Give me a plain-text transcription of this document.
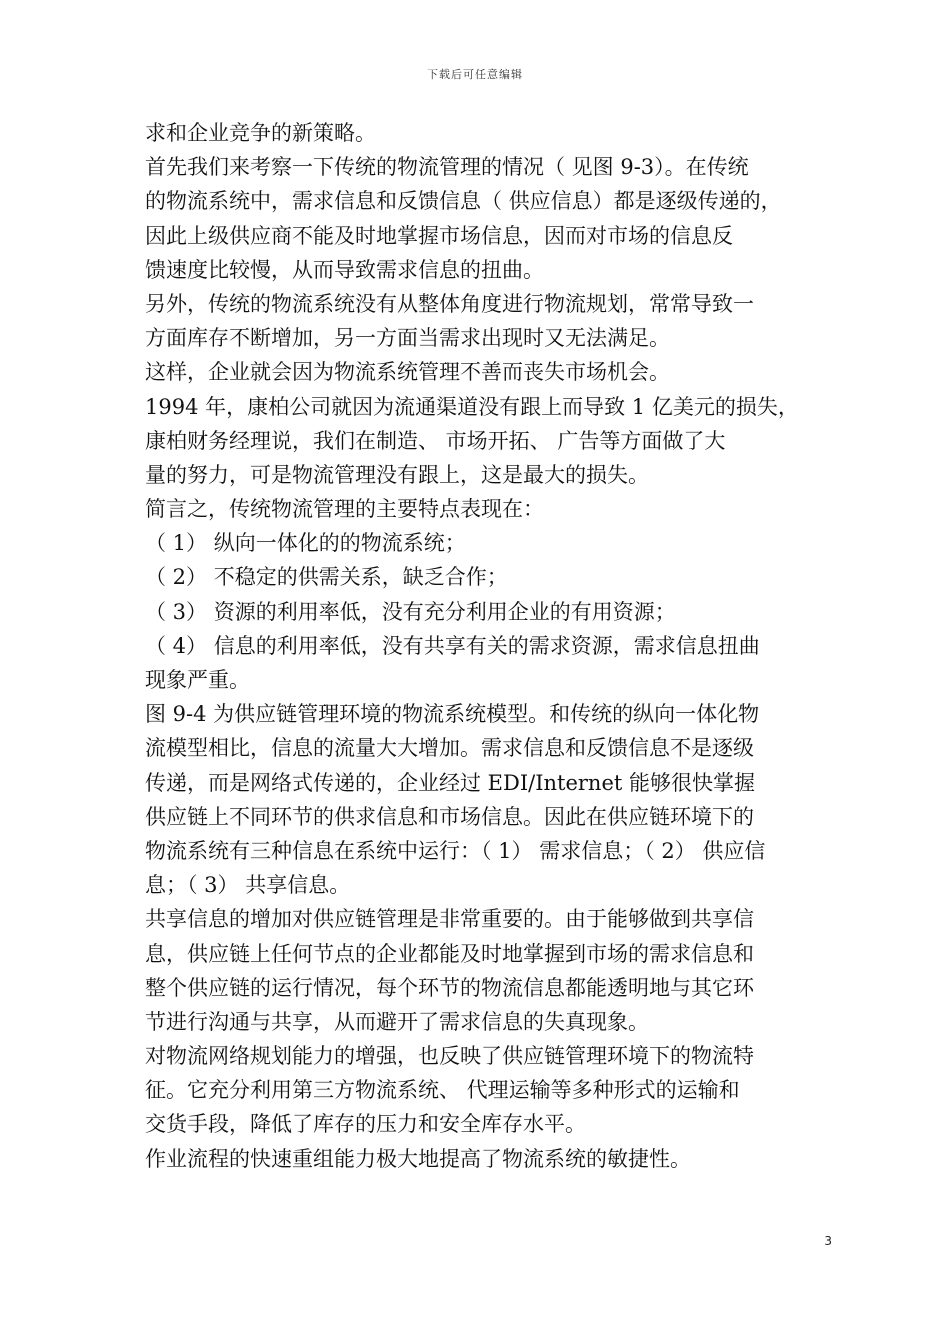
下载后可任意编辑
求和企业竞争的新策略。
首先我们来考察一下传统的物流管理的情况（ 见图 9-3）。在传统
的物流系统中，需求信息和反馈信息（ 供应信息）都是逐级传递的，
因此上级供应商不能及时地掌握市场信息，因而对市场的信息反
馈速度比较慢，从而导致需求信息的扭曲。
另外，传统的物流系统没有从整体角度进行物流规划，常常导致一
方面库存不断增加，另一方面当需求出现时又无法满足。
这样，企业就会因为物流系统管理不善而丧失市场机会。
1994 年，康柏公司就因为流通渠道没有跟上而导致 1 亿美元的损失，
康柏财务经理说，我们在制造、 市场开拓、 广告等方面做了大
量的努力，可是物流管理没有跟上，这是最大的损失。
简言之，传统物流管理的主要特点表现在：
（ 1） 纵向一体化的的物流系统；
（ 2） 不稳定的供需关系，缺乏合作；
（ 3） 资源的利用率低，没有充分利用企业的有用资源；
（ 4） 信息的利用率低，没有共享有关的需求资源，需求信息扭曲
现象严重。
图 9-4 为供应链管理环境的物流系统模型。和传统的纵向一体化物
流模型相比，信息的流量大大增加。需求信息和反馈信息不是逐级
传递，而是网络式传递的，企业经过 EDI/Internet 能够很快掌握
供应链上不同环节的供求信息和市场信息。因此在供应链环境下的
物流系统有三种信息在系统中运行：（ 1） 需求信息；（ 2） 供应信
息；（ 3） 共享信息。
共享信息的增加对供应链管理是非常重要的。由于能够做到共享信
息，供应链上任何节点的企业都能及时地掌握到市场的需求信息和
整个供应链的运行情况，每个环节的物流信息都能透明地与其它环
节进行沟通与共享，从而避开了需求信息的失真现象。
对物流网络规划能力的增强，也反映了供应链管理环境下的物流特
征。它充分利用第三方物流系统、 代理运输等多种形式的运输和
交货手段，降低了库存的压力和安全库存水平。
作业流程的快速重组能力极大地提高了物流系统的敏捷性。
3
